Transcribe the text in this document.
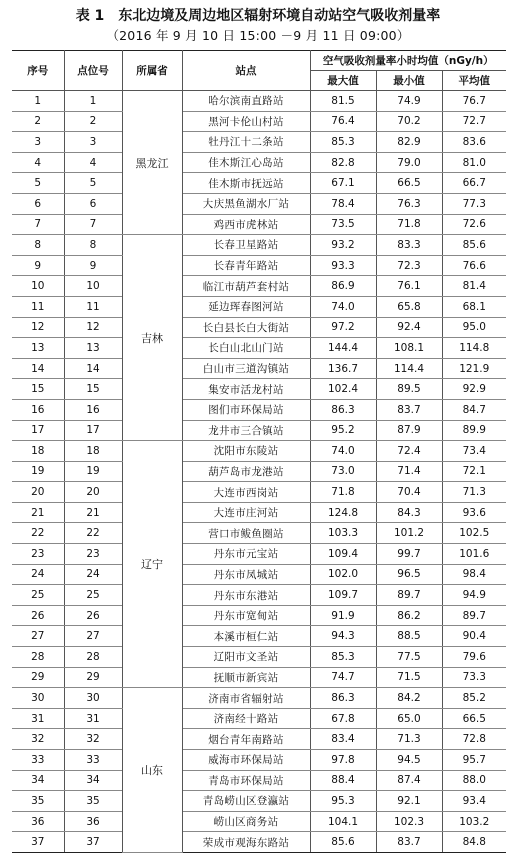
表 1 东北边境及周边地区辐射环境自动站空气吸收剂量率
（2016 年 9 月 10 日 15:00 －9 月 11 日 09:00）
序号	点位号	所属省	站点	空气吸收剂量率小时均值（nGy/h）		
				最大值	最小值	平均值
1	1	黑龙江	哈尔滨南直路站	81.5	74.9	76.7
2	2		黑河卡伦山村站	76.4	70.2	72.7
3	3		牡丹江十二条站	85.3	82.9	83.6
4	4		佳木斯江心岛站	82.8	79.0	81.0
5	5		佳木斯市抚远站	67.1	66.5	66.7
6	6		大庆黑鱼湖水厂站	78.4	76.3	77.3
7	7		鸡西市虎林站	73.5	71.8	72.6
8	8	吉林	长春卫星路站	93.2	83.3	85.6
9	9		长春青年路站	93.3	72.3	76.6
10	10		临江市葫芦套村站	86.9	76.1	81.4
11	11		延边珲春图河站	74.0	65.8	68.1
12	12		长白县长白大街站	97.2	92.4	95.0
13	13		长白山北山门站	144.4	108.1	114.8
14	14		白山市三道沟镇站	136.7	114.4	121.9
15	15		集安市活龙村站	102.4	89.5	92.9
16	16		图们市环保局站	86.3	83.7	84.7
17	17		龙井市三合镇站	95.2	87.9	89.9
18	18	辽宁	沈阳市东陵站	74.0	72.4	73.4
19	19		葫芦岛市龙港站	73.0	71.4	72.1
20	20		大连市西岗站	71.8	70.4	71.3
21	21		大连市庄河站	124.8	84.3	93.6
22	22		营口市鲅鱼圈站	103.3	101.2	102.5
23	23		丹东市元宝站	109.4	99.7	101.6
24	24		丹东市凤城站	102.0	96.5	98.4
25	25		丹东市东港站	109.7	89.7	94.9
26	26		丹东市宽甸站	91.9	86.2	89.7
27	27		本溪市桓仁站	94.3	88.5	90.4
28	28		辽阳市文圣站	85.3	77.5	79.6
29	29		抚顺市新宾站	74.7	71.5	73.3
30	30	山东	济南市省辐射站	86.3	84.2	85.2
31	31		济南经十路站	67.8	65.0	66.5
32	32		烟台青年南路站	83.4	71.3	72.8
33	33		威海市环保局站	97.8	94.5	95.7
34	34		青岛市环保局站	88.4	87.4	88.0
35	35		青岛崂山区登瀛站	95.3	92.1	93.4
36	36		崂山区商务站	104.1	102.3	103.2
37	37		荣成市观海东路站	85.6	83.7	84.8
